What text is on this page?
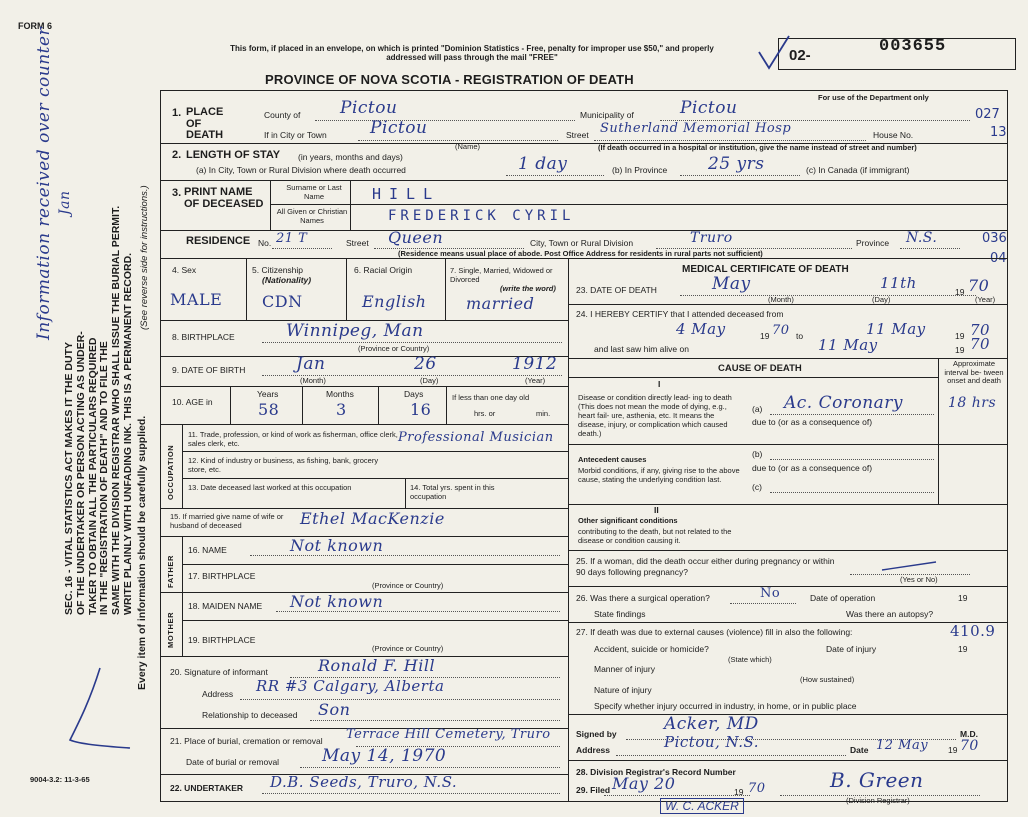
FORM 6
This form, if placed in an envelope, on which is printed "Dominion Statistics - Free, penalty for improper use $50," and properly addressed will pass through the mail "FREE"
PROVINCE OF NOVA SCOTIA - REGISTRATION OF DEATH
02-	003655
For use of the Department only
027
13
036
04
SEC. 16 - VITAL STATISTICS ACT MAKES IT THE DUTY OF THE UNDERTAKER OR PERSON ACTING AS UNDER- TAKER TO OBTAIN ALL THE PARTICULARS REQUIRED IN THE "REGISTRATION OF DEATH" AND TO FILE THE SAME WITH THE DIVISION REGISTRAR WHO SHALL ISSUE THE BURIAL PERMIT. WRITE PLAINLY WITH UNFADING INK. THIS IS A PERMANENT RECORD. Every item of information should be carefully supplied.
(See reverse side for instructions.)
Information received over counter Jan
9004-3.2: 11-3-65
1. PLACE OF DEATH
County of Pictou	Municipality of	Pictou
If in City or Town	Pictou
(Name)
Street Sutherland Memorial Hosp	House No.
(If death occurred in a hospital or institution, give the name instead of street and number)
2. LENGTH OF STAY (in years, months and days)
(a) In City, Town or Rural Division where death occurred	1 day	(b) In Province 25 yrs	(c) In Canada (if immigrant)
3. PRINT NAME OF DECEASED
Surname or Last Name	HILL
All Given or Christian Names	FREDERICK CYRIL
RESIDENCE No. 21 T	Street Queen	City, Town or Rural Division	Truro	Province N.S.
(Residence means usual place of abode. Post Office Address for residents in rural parts not sufficient)
4. Sex
MALE
5. Citizenship
(Nationality)
CDN
6. Racial Origin
English
7. Single, Married, Widowed or Divorced
(write the word)
married
8. BIRTHPLACE	Winnipeg, Man
(Province or Country)
9. DATE OF BIRTH	Jan	26	1912
(Month)	(Day)	(Year)
10. AGE in
Years	Months	Days
58	3	16
If less than one day old
hrs. or	min.
OCCUPATION
11. Trade, profession, or kind of work as fisherman, office clerk, sales clerk, etc.	Professional Musician
12. Kind of industry or business, as fishing, bank, grocery store, etc.
13. Date deceased last worked at this occupation	14. Total yrs. spent in this occupation
15. If married give name of wife or husband of deceased	Ethel MacKenzie
FATHER
16. NAME	Not known
17. BIRTHPLACE
(Province or Country)
MOTHER
18. MAIDEN NAME Not known
19. BIRTHPLACE
(Province or Country)
20. Signature of informant	Ronald F. Hill
Address RR #3 Calgary, Alberta
Relationship to deceased Son
21. Place of burial, cremation or removal Terrace Hill Cemetery, Truro
Date of burial or removal	May 14, 1970
22. UNDERTAKER D.B. Seeds, Truro, N.S.
MEDICAL CERTIFICATE OF DEATH
23. DATE OF DEATH	May	11th	19 70
(Month)	(Day)	(Year)
24. I HEREBY CERTIFY that I attended deceased from
4 May	19 70 to	11 May	19 70
and last saw him alive on	11 May	19 70
CAUSE OF DEATH	Approximate interval be- tween onset and death
I
Disease or condition directly lead- ing to death (This does not mean the mode of dying, e.g., heart fail- ure, asthenia, etc. It means the disease, injury, or complication which caused death.)
(a) Ac. Coronary	18 hrs
due to (or as a consequence of)
Antecedent causes
Morbid conditions, if any, giving rise to the above cause, stating the underlying condition last.
(b)
due to (or as a consequence of)
(c)
II
Other significant conditions
contributing to the death, but not related to the disease or condition causing it.
25. If a woman, did the death occur either during pregnancy or within 90 days following pregnancy?
(Yes or No)
26. Was there a surgical operation?	No	Date of operation	19
State findings	Was there an autopsy?
27. If death was due to external causes (violence) fill in also the following:	410.9
Accident, suicide or homicide?
(State which)
Date of injury	19
Manner of injury
(How sustained)
Nature of injury
Specify whether injury occurred in industry, in home, or in public place
Signed by	Acker, MD	M.D.
Address	Pictou, N.S.	Date 12 May 19 70
28. Division Registrar's Record Number
29. Filed May 20	19 70	B. Green
(Division Registrar)
W. C. ACKER
